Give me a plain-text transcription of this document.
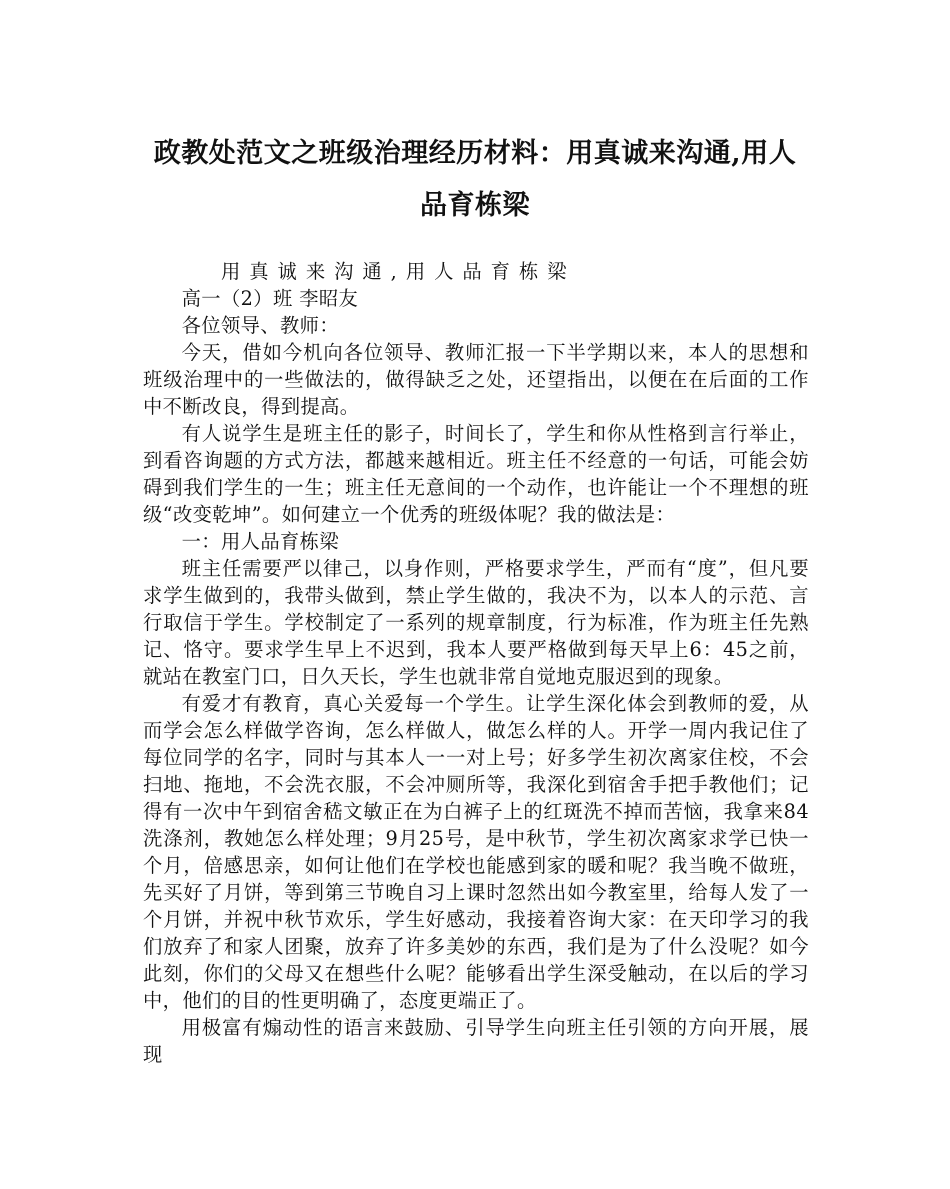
政教处范文之班级治理经历材料：用真诚来沟通,用人
品育栋梁

用真诚来沟通,用人品育栋梁

高一（2）班 李昭友

各位领导、教师：

今天，借如今机向各位领导、教师汇报一下半学期以来，本人的思想和班级治理中的一些做法的，做得缺乏之处，还望指出，以便在在后面的工作中不断改良，得到提高。

有人说学生是班主任的影子，时间长了，学生和你从性格到言行举止，到看咨询题的方式方法，都越来越相近。班主任不经意的一句话，可能会妨碍到我们学生的一生；班主任无意间的一个动作，也许能让一个不理想的班级“改变乾坤”。如何建立一个优秀的班级体呢？我的做法是：

一：用人品育栋梁

班主任需要严以律己，以身作则，严格要求学生，严而有“度”，但凡要求学生做到的，我带头做到，禁止学生做的，我决不为，以本人的示范、言行取信于学生。学校制定了一系列的规章制度，行为标准，作为班主任先熟记、恪守。要求学生早上不迟到，我本人要严格做到每天早上6：45之前，就站在教室门口，日久天长，学生也就非常自觉地克服迟到的现象。

有爱才有教育，真心关爱每一个学生。让学生深化体会到教师的爱，从而学会怎么样做学咨询，怎么样做人，做怎么样的人。开学一周内我记住了每位同学的名字，同时与其本人一一对上号；好多学生初次离家住校，不会扫地、拖地，不会洗衣服，不会冲厕所等，我深化到宿舍手把手教他们；记得有一次中午到宿舍嵇文敏正在为白裤子上的红斑洗不掉而苦恼，我拿来84洗涤剂，教她怎么样处理；9月25号，是中秋节，学生初次离家求学已快一个月，倍感思亲，如何让他们在学校也能感到家的暖和呢？我当晚不做班，先买好了月饼，等到第三节晚自习上课时忽然出如今教室里，给每人发了一个月饼，并祝中秋节欢乐，学生好感动，我接着咨询大家：在天印学习的我们放弃了和家人团聚，放弃了许多美妙的东西，我们是为了什么没呢？如今此刻，你们的父母又在想些什么呢？能够看出学生深受触动，在以后的学习中，他们的目的性更明确了，态度更端正了。

用极富有煽动性的语言来鼓励、引导学生向班主任引领的方向开展，展现
